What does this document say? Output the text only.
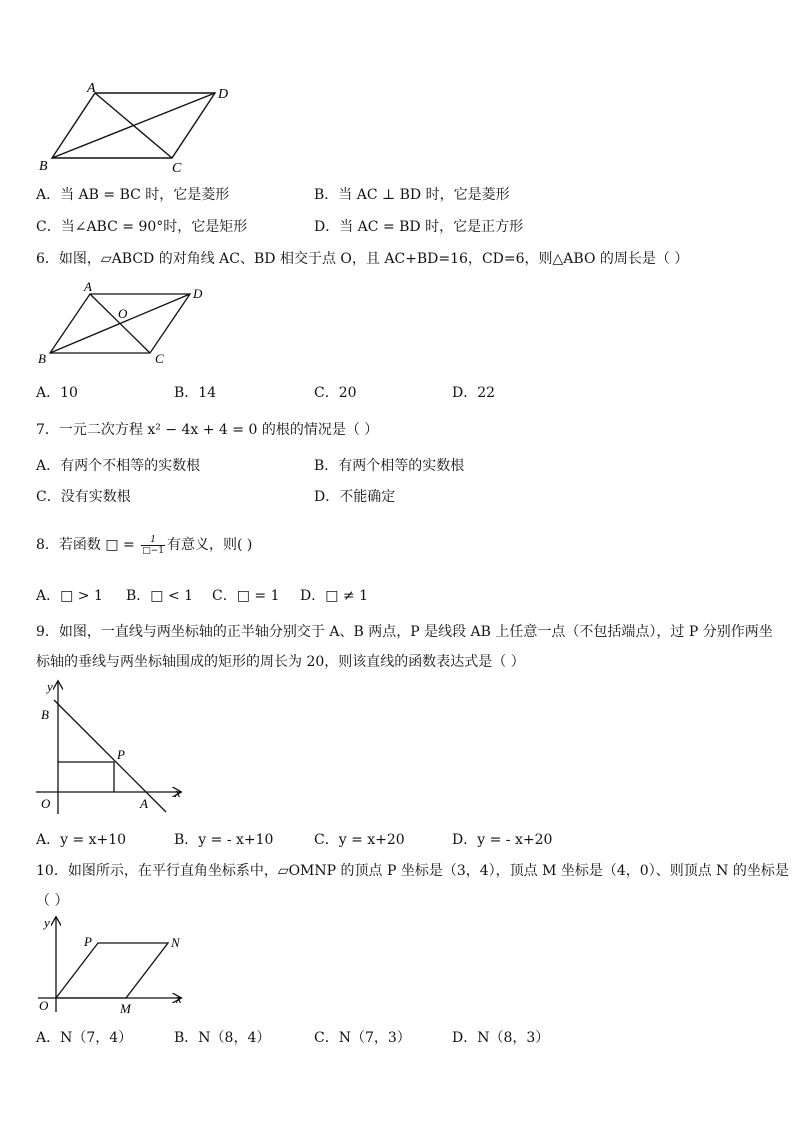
A	D
B	C
A．当 AB = BC 时，它是菱形	B．当 AC ⊥ BD 时，它是菱形
C．当∠ABC = 90°时，它是矩形	D．当 AC = BD 时，它是正方形
6．如图，▱ABCD 的对角线 AC、BD 相交于点 O，且 AC+BD=16，CD=6，则△ABO 的周长是（ ）
A	D
O
B	C
A．10	B．14	C．20	D．22
7．一元二次方程 x² − 4x + 4 = 0 的根的情况是（ ）
A．有两个不相等的实数根	B．有两个相等的实数根
C．没有实数根	D．不能确定
8．若函数 □ = $\frac{1}{□-1}$ 有意义，则( )
A．□ > 1 B．□ < 1 C．□ = 1 D．□ ≠ 1
9．如图，一直线与两坐标轴的正半轴分别交于 A、B 两点，P 是线段 AB 上任意一点（不包括端点），过 P 分别作两坐
标轴的垂线与两坐标轴围成的矩形的周长为 20，则该直线的函数表达式是（ ）
y
B
P
O	A
x
A．y = x+10	B．y = - x+10	C．y = x+20	D．y = - x+20
10．如图所示，在平行直角坐标系中，▱OMNP 的顶点 P 坐标是（3，4），顶点 M 坐标是（4，0）、则顶点 N 的坐标是
（ ）
y
P	N
O	M
x
A．N（7，4）	B．N（8，4）	C．N（7，3）	D．N（8，3）
